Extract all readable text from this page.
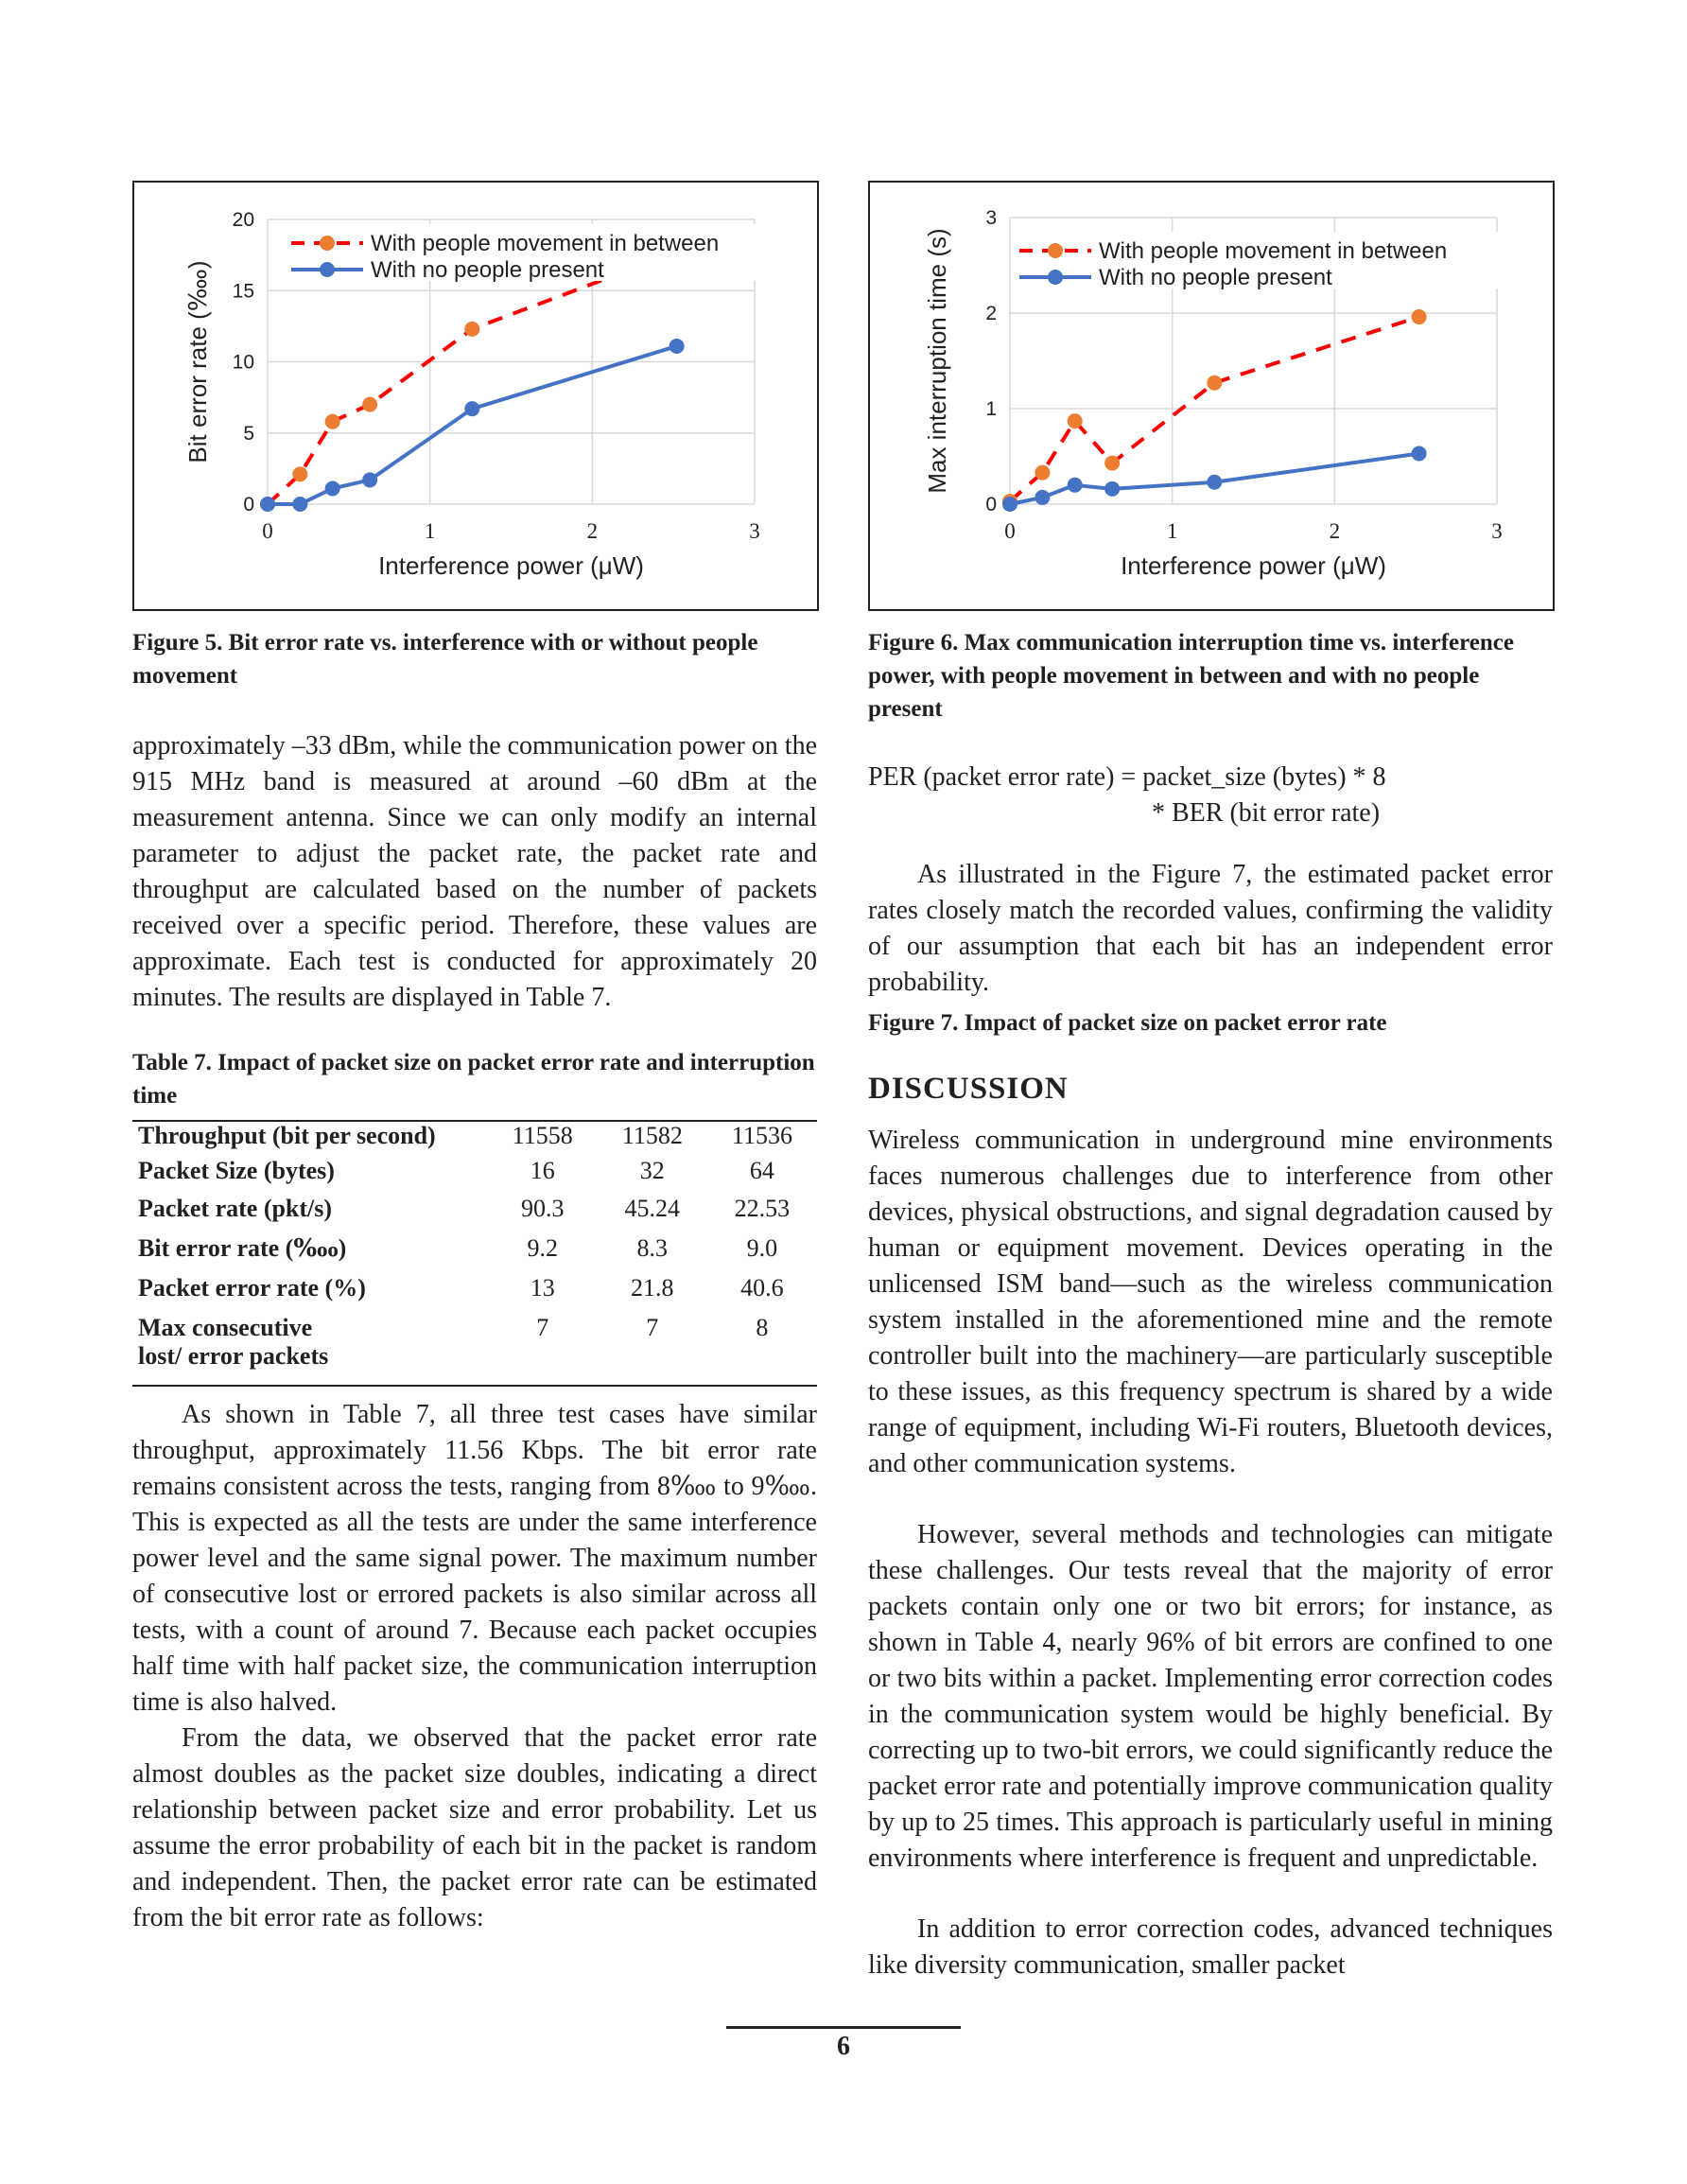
0
5
10
15
20
0	1	2	3
Interference power (μW)
Bit error rate (‱)
With people movement in between
With no people present

Figure 5. Bit error rate vs. interference with or without people movement

0
1
2
3
0	1	2	3
Interference power (μW)
Max interruption time (s)	With people movement in between
With no people present

Figure 6. Max communication interruption time vs. interference power, with people movement in between and with no people present

approximately –33 dBm, while the communication power on the 915 MHz band is measured at around –60 dBm at the measurement antenna. Since we can only modify an internal parameter to adjust the packet rate, the packet rate and throughput are calculated based on the number of packets received over a specific period. Therefore, these values are approximate. Each test is conducted for approximately 20 minutes. The results are displayed in Table 7.

Table 7. Impact of packet size on packet error rate and interruption time

Throughput (bit per second)	11558	11582	11536
Packet Size (bytes)	16	32	64
Packet rate (pkt/s)	90.3	45.24	22.53
Bit error rate (‱)	9.2	8.3	9.0
Packet error rate (%)	13	21.8	40.6
Max consecutive lost/ error packets	7	7	8

As shown in Table 7, all three test cases have similar throughput, approximately 11.56 Kbps. The bit error rate remains consistent across the tests, ranging from 8‱ to 9‱. This is expected as all the tests are under the same interference power level and the same signal power. The maximum number of consecutive lost or errored packets is also similar across all tests, with a count of around 7. Because each packet occupies half time with half packet size, the communication interruption time is also halved.

From the data, we observed that the packet error rate almost doubles as the packet size doubles, indicating a direct relationship between packet size and error probability. Let us assume the error probability of each bit in the packet is random and independent. Then, the packet error rate can be estimated from the bit error rate as follows:

PER (packet error rate) = packet_size (bytes) * 8

* BER (bit error rate)

As illustrated in the Figure 7, the estimated packet error rates closely match the recorded values, confirming the validity of our assumption that each bit has an independent error probability.

Figure 7. Impact of packet size on packet error rate

DISCUSSION

Wireless communication in underground mine environments faces numerous challenges due to interference from other devices, physical obstructions, and signal degradation caused by human or equipment movement. Devices operating in the unlicensed ISM band—such as the wireless communication system installed in the aforementioned mine and the remote controller built into the machinery—are particularly susceptible to these issues, as this frequency spectrum is shared by a wide range of equipment, including Wi-Fi routers, Bluetooth devices, and other communication systems.

However, several methods and technologies can mitigate these challenges. Our tests reveal that the majority of error packets contain only one or two bit errors; for instance, as shown in Table 4, nearly 96% of bit errors are confined to one or two bits within a packet. Implementing error correction codes in the communication system would be highly beneficial. By correcting up to two-bit errors, we could significantly reduce the packet error rate and potentially improve communication quality by up to 25 times. This approach is particularly useful in mining environments where interference is frequent and unpredictable.

In addition to error correction codes, advanced techniques like diversity communication, smaller packet

6
